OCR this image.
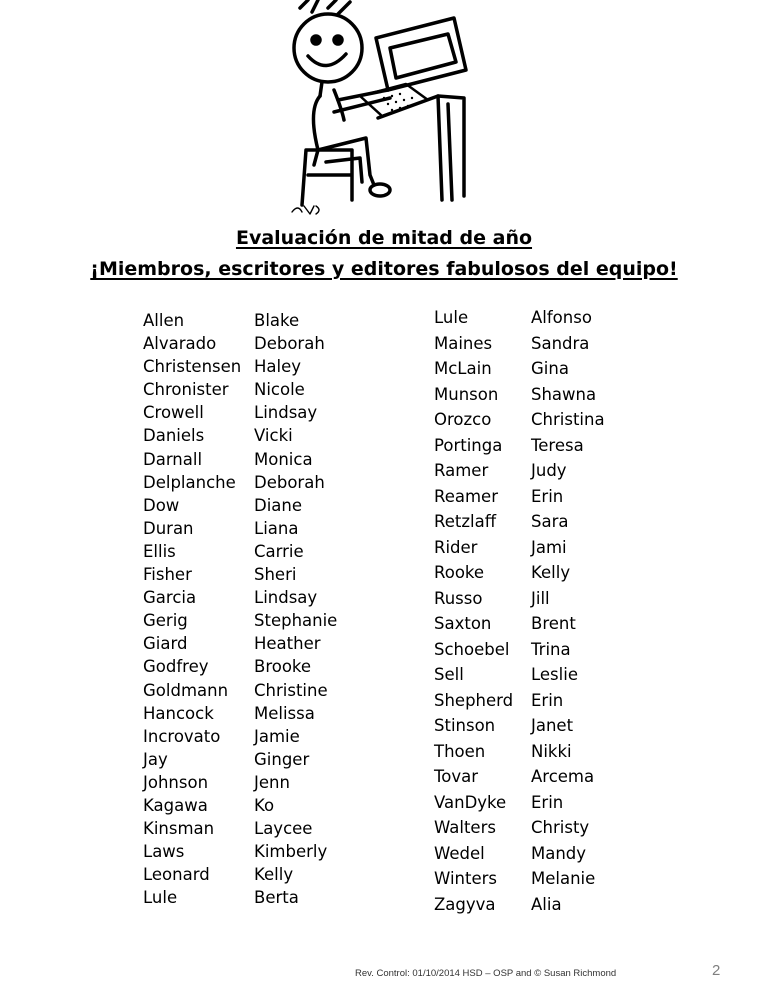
Evaluación de mitad de año
¡Miembros, escritores y editores fabulosos del equipo!
Allen	Blake
Alvarado	Deborah
Christensen Haley
Chronister	Nicole
Crowell	Lindsay
Daniels	Vicki
Darnall	Monica
Delplanche	Deborah
Dow	Diane
Duran	Liana
Ellis	Carrie
Fisher	Sheri
Garcia	Lindsay
Gerig	Stephanie
Giard	Heather
Godfrey	Brooke
Goldmann	Christine
Hancock	Melissa
Incrovato	Jamie
Jay	Ginger
Johnson	Jenn
Kagawa	Ko
Kinsman	Laycee
Laws	Kimberly
Leonard	Kelly
Lule	Berta
Lule	Alfonso
Maines	Sandra
McLain	Gina
Munson	Shawna
Orozco	Christina
Portinga	Teresa
Ramer	Judy
Reamer	Erin
Retzlaff	Sara
Rider	Jami
Rooke	Kelly
Russo	Jill
Saxton	Brent
Schoebel	Trina
Sell	Leslie
Shepherd	Erin
Stinson	Janet
Thoen	Nikki
Tovar	Arcema
VanDyke	Erin
Walters	Christy
Wedel	Mandy
Winters	Melanie
Zagyva	Alia
Rev. Control: 01/10/2014 HSD – OSP and © Susan Richmond	2
